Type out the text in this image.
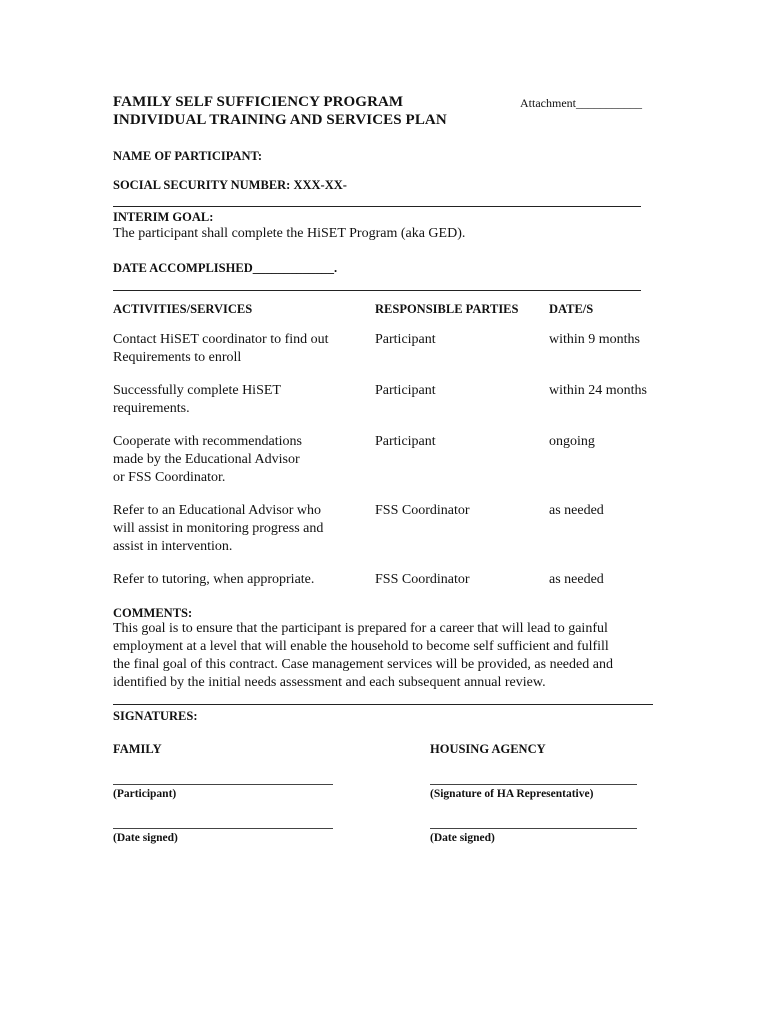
FAMILY SELF SUFFICIENCY PROGRAM
INDIVIDUAL TRAINING AND SERVICES PLAN
Attachment___________
NAME OF PARTICIPANT:
SOCIAL SECURITY NUMBER: XXX-XX-
INTERIM GOAL:
The participant shall complete the HiSET Program (aka GED).
DATE ACCOMPLISHED_____________.
ACTIVITIES/SERVICES	RESPONSIBLE PARTIES DATE/S
Contact HiSET coordinator to find out
Requirements to enroll
Participant	within 9 months
Successfully complete HiSET
requirements.
Participant	within 24 months
Cooperate with recommendations
made by the Educational Advisor
or FSS Coordinator.
Participant	ongoing
Refer to an Educational Advisor who
will assist in monitoring progress and
assist in intervention.
FSS Coordinator	as needed
Refer to tutoring, when appropriate.	FSS Coordinator	as needed
COMMENTS:
This goal is to ensure that the participant is prepared for a career that will lead to gainful
employment at a level that will enable the household to become self sufficient and fulfill
the final goal of this contract. Case management services will be provided, as needed and
identified by the initial needs assessment and each subsequent annual review.
SIGNATURES:
FAMILY	HOUSING AGENCY
(Participant)	(Signature of HA Representative)
(Date signed)	(Date signed)
